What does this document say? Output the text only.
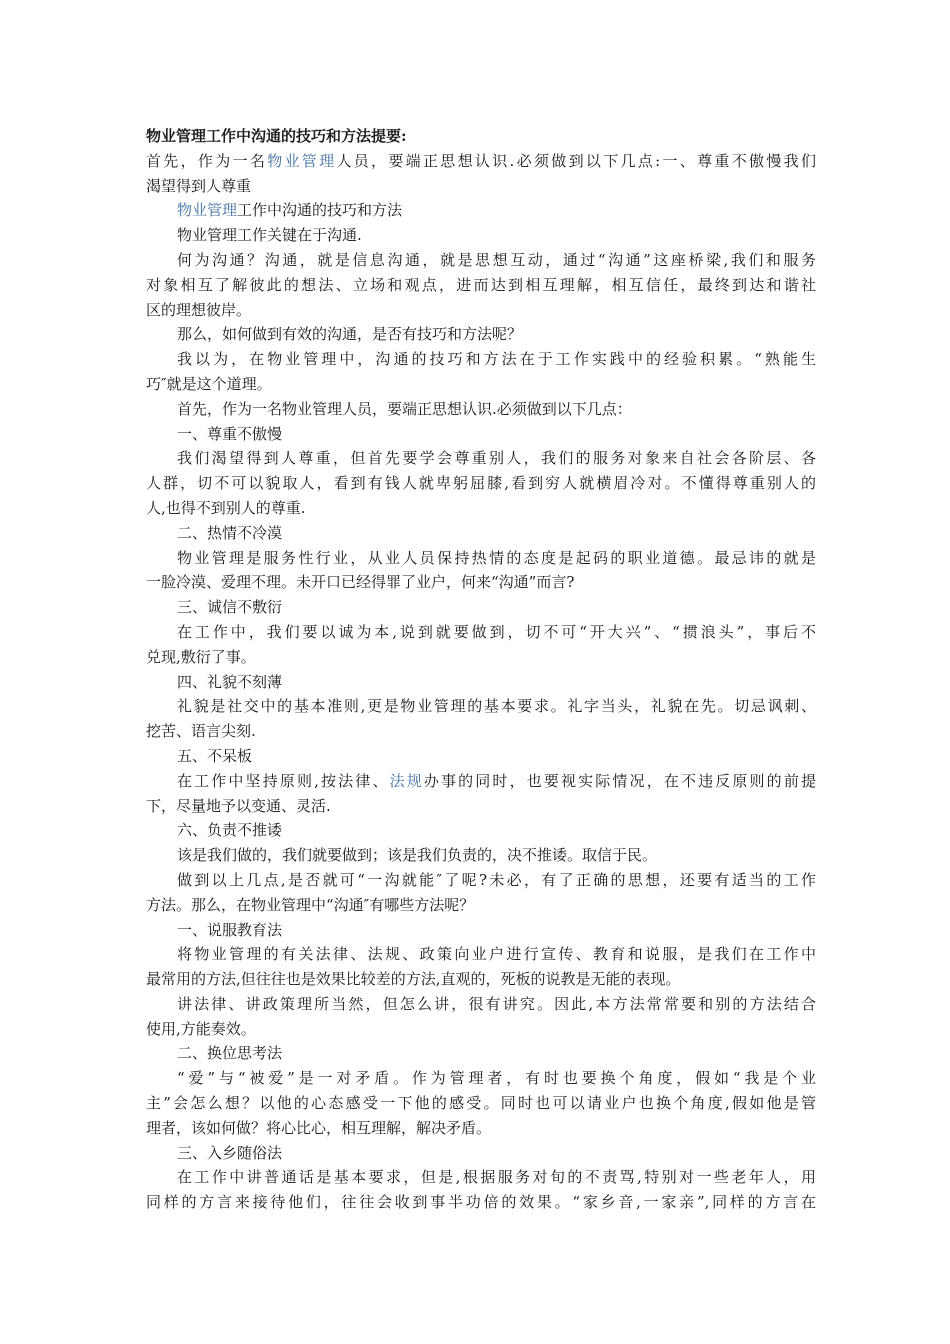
物业管理工作中沟通的技巧和方法提要:
首先，作为一名物业管理人员，要端正思想认识.必须做到以下几点:一、尊重不傲慢我们
渴望得到人尊重
物业管理工作中沟通的技巧和方法
物业管理工作关键在于沟通.
何为沟通？沟通，就是信息沟通，就是思想互动，通过“沟通”这座桥梁,我们和服务
对象相互了解彼此的想法、立场和观点，进而达到相互理解，相互信任，最终到达和谐社
区的理想彼岸。
那么，如何做到有效的沟通，是否有技巧和方法呢？
我以为，在物业管理中，沟通的技巧和方法在于工作实践中的经验积累。“熟能生
巧″就是这个道理。
首先，作为一名物业管理人员，要端正思想认识.必须做到以下几点：
一、尊重不傲慢
我们渴望得到人尊重，但首先要学会尊重别人，我们的服务对象来自社会各阶层、各
人群，切不可以貌取人，看到有钱人就卑躬屈膝,看到穷人就横眉冷对。不懂得尊重别人的
人,也得不到别人的尊重.
二、热情不冷漠
物业管理是服务性行业，从业人员保持热情的态度是起码的职业道德。最忌讳的就是
一脸冷漠、爱理不理。未开口已经得罪了业户，何来“沟通”而言?
三、诚信不敷衍
在工作中，我们要以诚为本,说到就要做到，切不可“开大兴”、“掼浪头”，事后不
兑现,敷衍了事。
四、礼貌不刻薄
礼貌是社交中的基本准则,更是物业管理的基本要求。礼字当头，礼貌在先。切忌讽刺、
挖苦、语言尖刻.
五、不呆板
在工作中坚持原则,按法律、法规办事的同时，也要视实际情况，在不违反原则的前提
下，尽量地予以变通、灵活.
六、负责不推诿
该是我们做的，我们就要做到；该是我们负责的，决不推诿。取信于民。
做到以上几点,是否就可“一沟就能″了呢?未必，有了正确的思想，还要有适当的工作
方法。那么，在物业管理中“沟通″有哪些方法呢？
一、说服教育法
将物业管理的有关法律、法规、政策向业户进行宣传、教育和说服，是我们在工作中
最常用的方法,但往往也是效果比较差的方法,直观的，死板的说教是无能的表现。
讲法律、讲政策理所当然，但怎么讲，很有讲究。因此,本方法常常要和别的方法结合
使用,方能奏效。
二、换位思考法
“爱”与“被爱”是一对矛盾。作为管理者，有时也要换个角度，假如“我是个业
主”会怎么想？以他的心态感受一下他的感受。同时也可以请业户也换个角度,假如他是管
理者，该如何做？将心比心，相互理解，解决矛盾。
三、入乡随俗法
在工作中讲普通话是基本要求，但是,根据服务对旬的不责骂,特别对一些老年人，用
同样的方言来接待他们，往往会收到事半功倍的效果。“家乡音,一家亲”,同样的方言在
